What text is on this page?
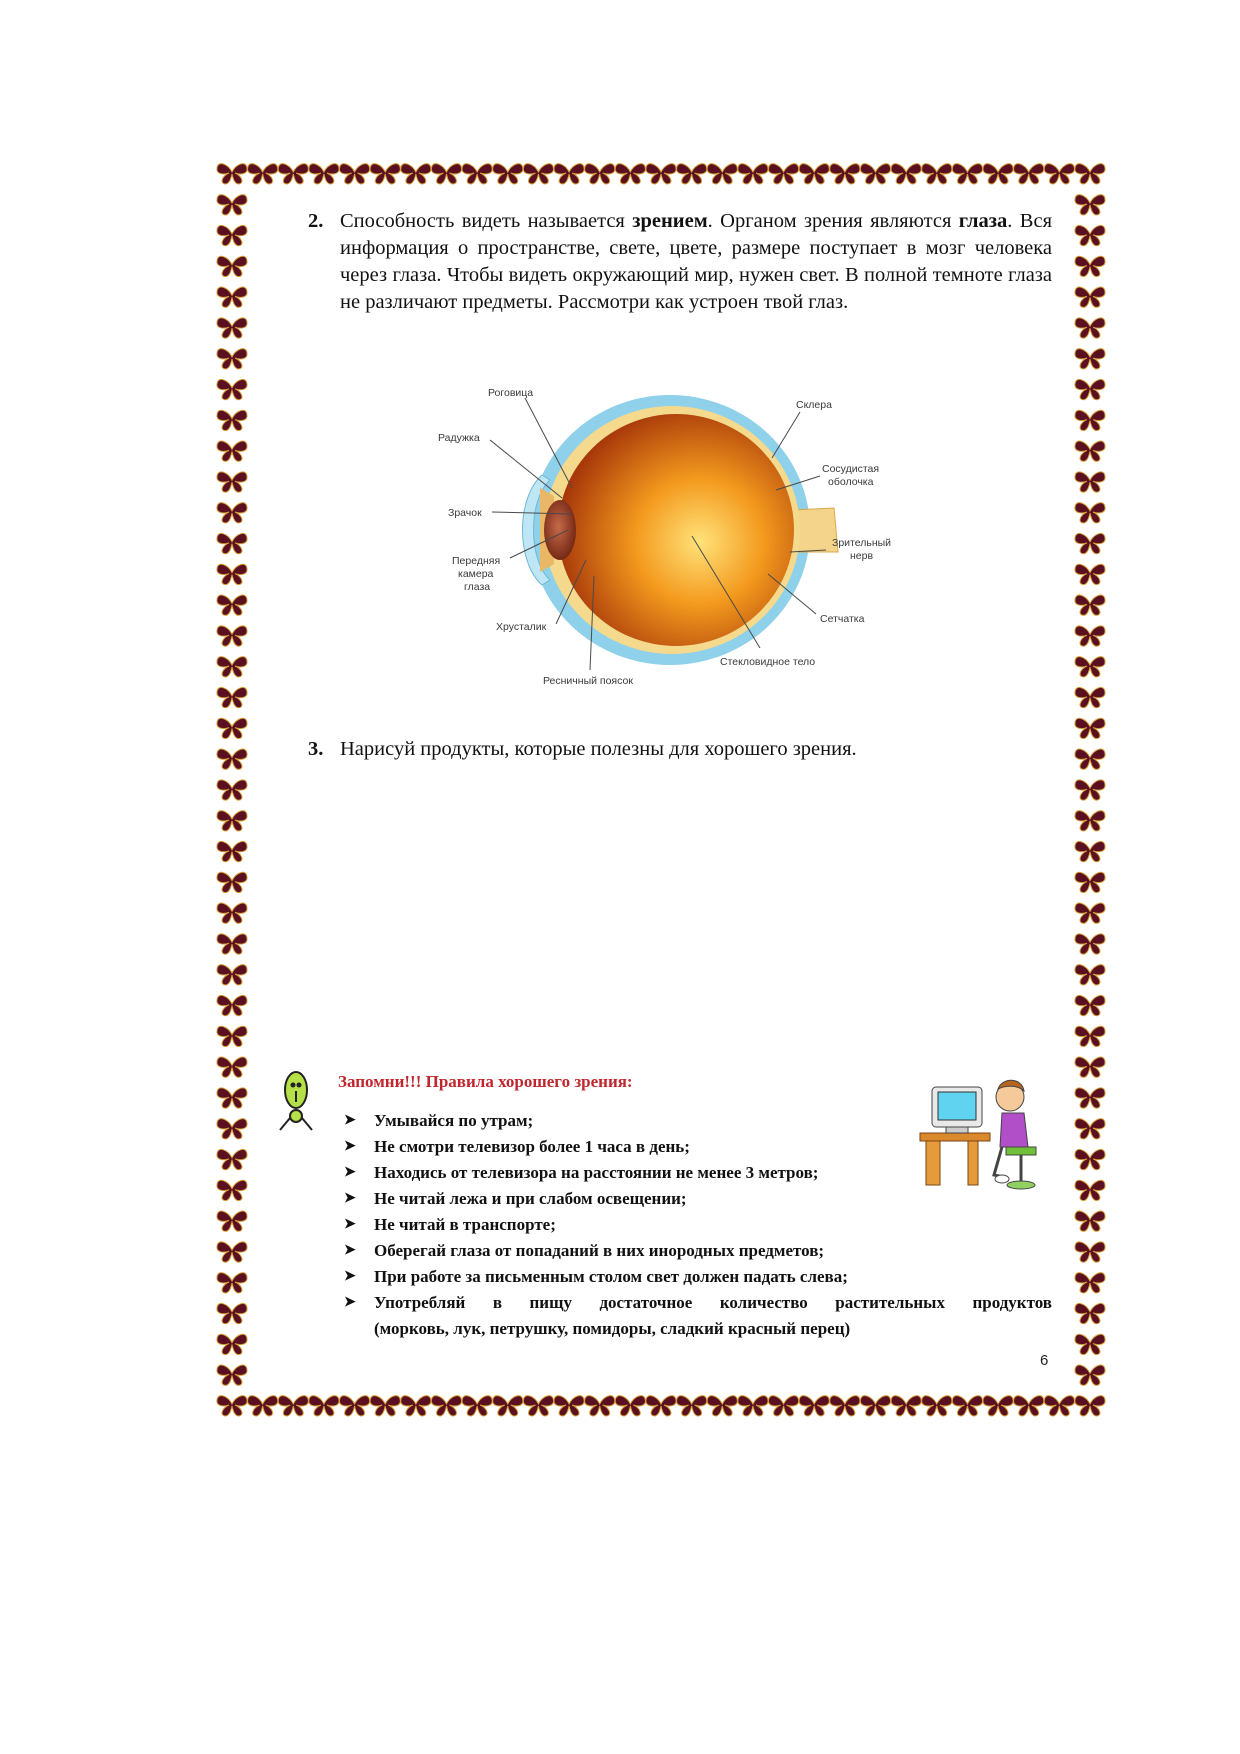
2. Способность видеть называется зрением. Органом зрения являются глаза. Вся информация о пространстве, свете, цвете, размере поступает в мозг человека через глаза. Чтобы видеть окружающий мир, нужен свет. В полной темноте глаза не различают предметы. Рассмотри как устроен твой глаз.
3. Нарисуй продукты, которые полезны для хорошего зрения.
Роговица
Радужка
Зрачок
Передняя
камера
глаза
Хрусталик
Ресничный поясок
Склера
Сосудистая
оболочка
Зрительный
нерв
Сетчатка
Стекловидное тело
Запомни!!! Правила хорошего зрения:
➤ Умывайся по утрам;
➤ Не смотри телевизор более 1 часа в день;
➤ Находись от телевизора на расстоянии не менее 3 метров;
➤ Не читай лежа и при слабом освещении;
➤ Не читай в транспорте;
➤ Оберегай глаза от попаданий в них инородных предметов;
➤ При работе за письменным столом свет должен падать слева;
➤ Употребляй в пищу достаточное количество растительных продуктов
(морковь, лук, петрушку, помидоры, сладкий красный перец)
6
